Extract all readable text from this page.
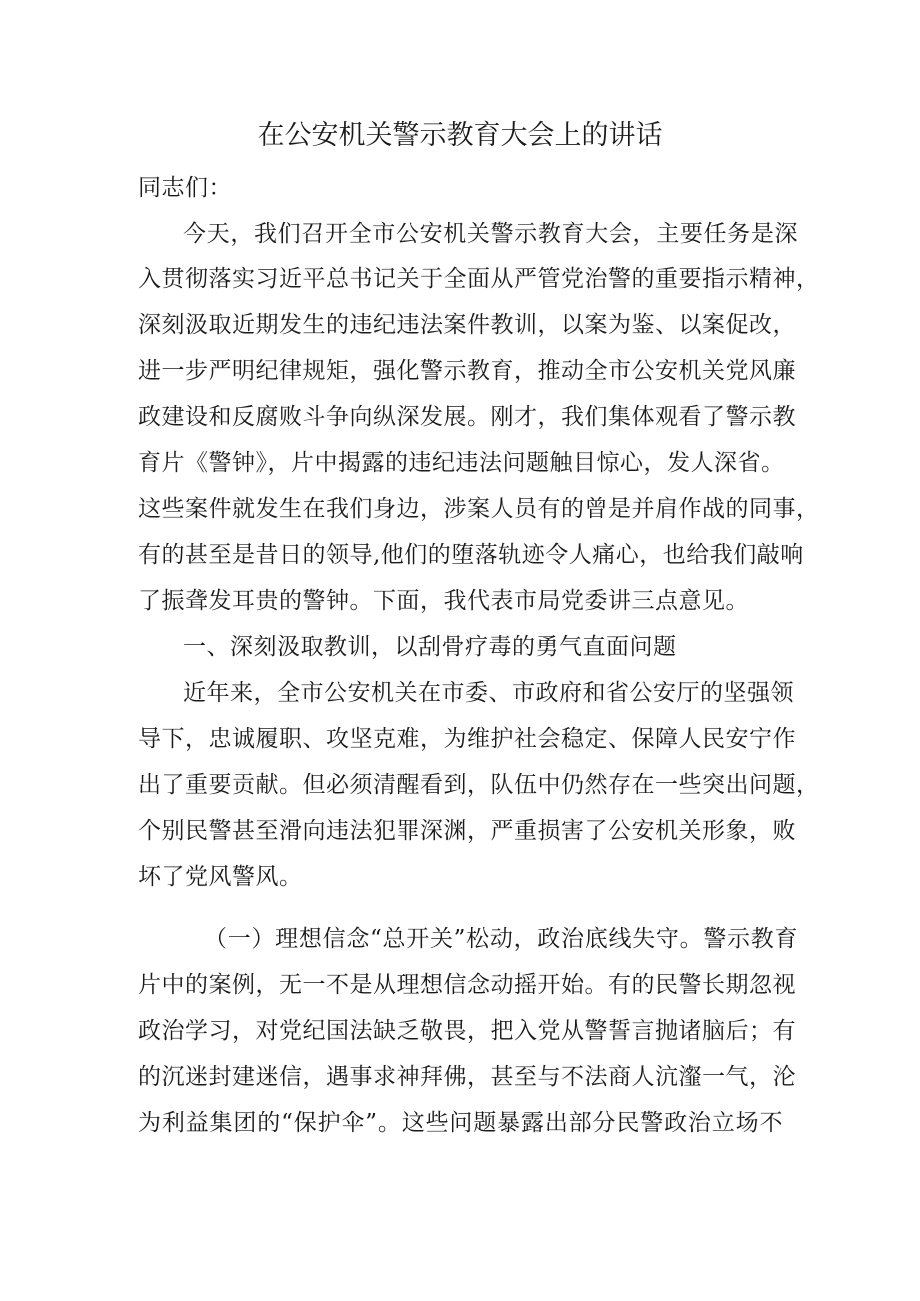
在公安机关警示教育大会上的讲话
同志们：
今天，我们召开全市公安机关警示教育大会，主要任务是深
入贯彻落实习近平总书记关于全面从严管党治警的重要指示精神，
深刻汲取近期发生的违纪违法案件教训，以案为鉴、以案促改，
进一步严明纪律规矩，强化警示教育，推动全市公安机关党风廉
政建设和反腐败斗争向纵深发展。刚才，我们集体观看了警示教
育片《警钟》，片中揭露的违纪违法问题触目惊心，发人深省。
这些案件就发生在我们身边，涉案人员有的曾是并肩作战的同事，
有的甚至是昔日的领导,他们的堕落轨迹令人痛心，也给我们敲响
了振聋发耳贵的警钟。下面，我代表市局党委讲三点意见。
一、深刻汲取教训，以刮骨疗毒的勇气直面问题
近年来，全市公安机关在市委、市政府和省公安厅的坚强领
导下，忠诚履职、攻坚克难，为维护社会稳定、保障人民安宁作
出了重要贡献。但必须清醒看到，队伍中仍然存在一些突出问题，
个别民警甚至滑向违法犯罪深渊，严重损害了公安机关形象，败
坏了党风警风。
（一）理想信念“总开关”松动，政治底线失守。警示教育
片中的案例，无一不是从理想信念动摇开始。有的民警长期忽视
政治学习，对党纪国法缺乏敬畏，把入党从警誓言抛诸脑后；有
的沉迷封建迷信，遇事求神拜佛，甚至与不法商人沆瀣一气，沦
为利益集团的“保护伞”。这些问题暴露出部分民警政治立场不
